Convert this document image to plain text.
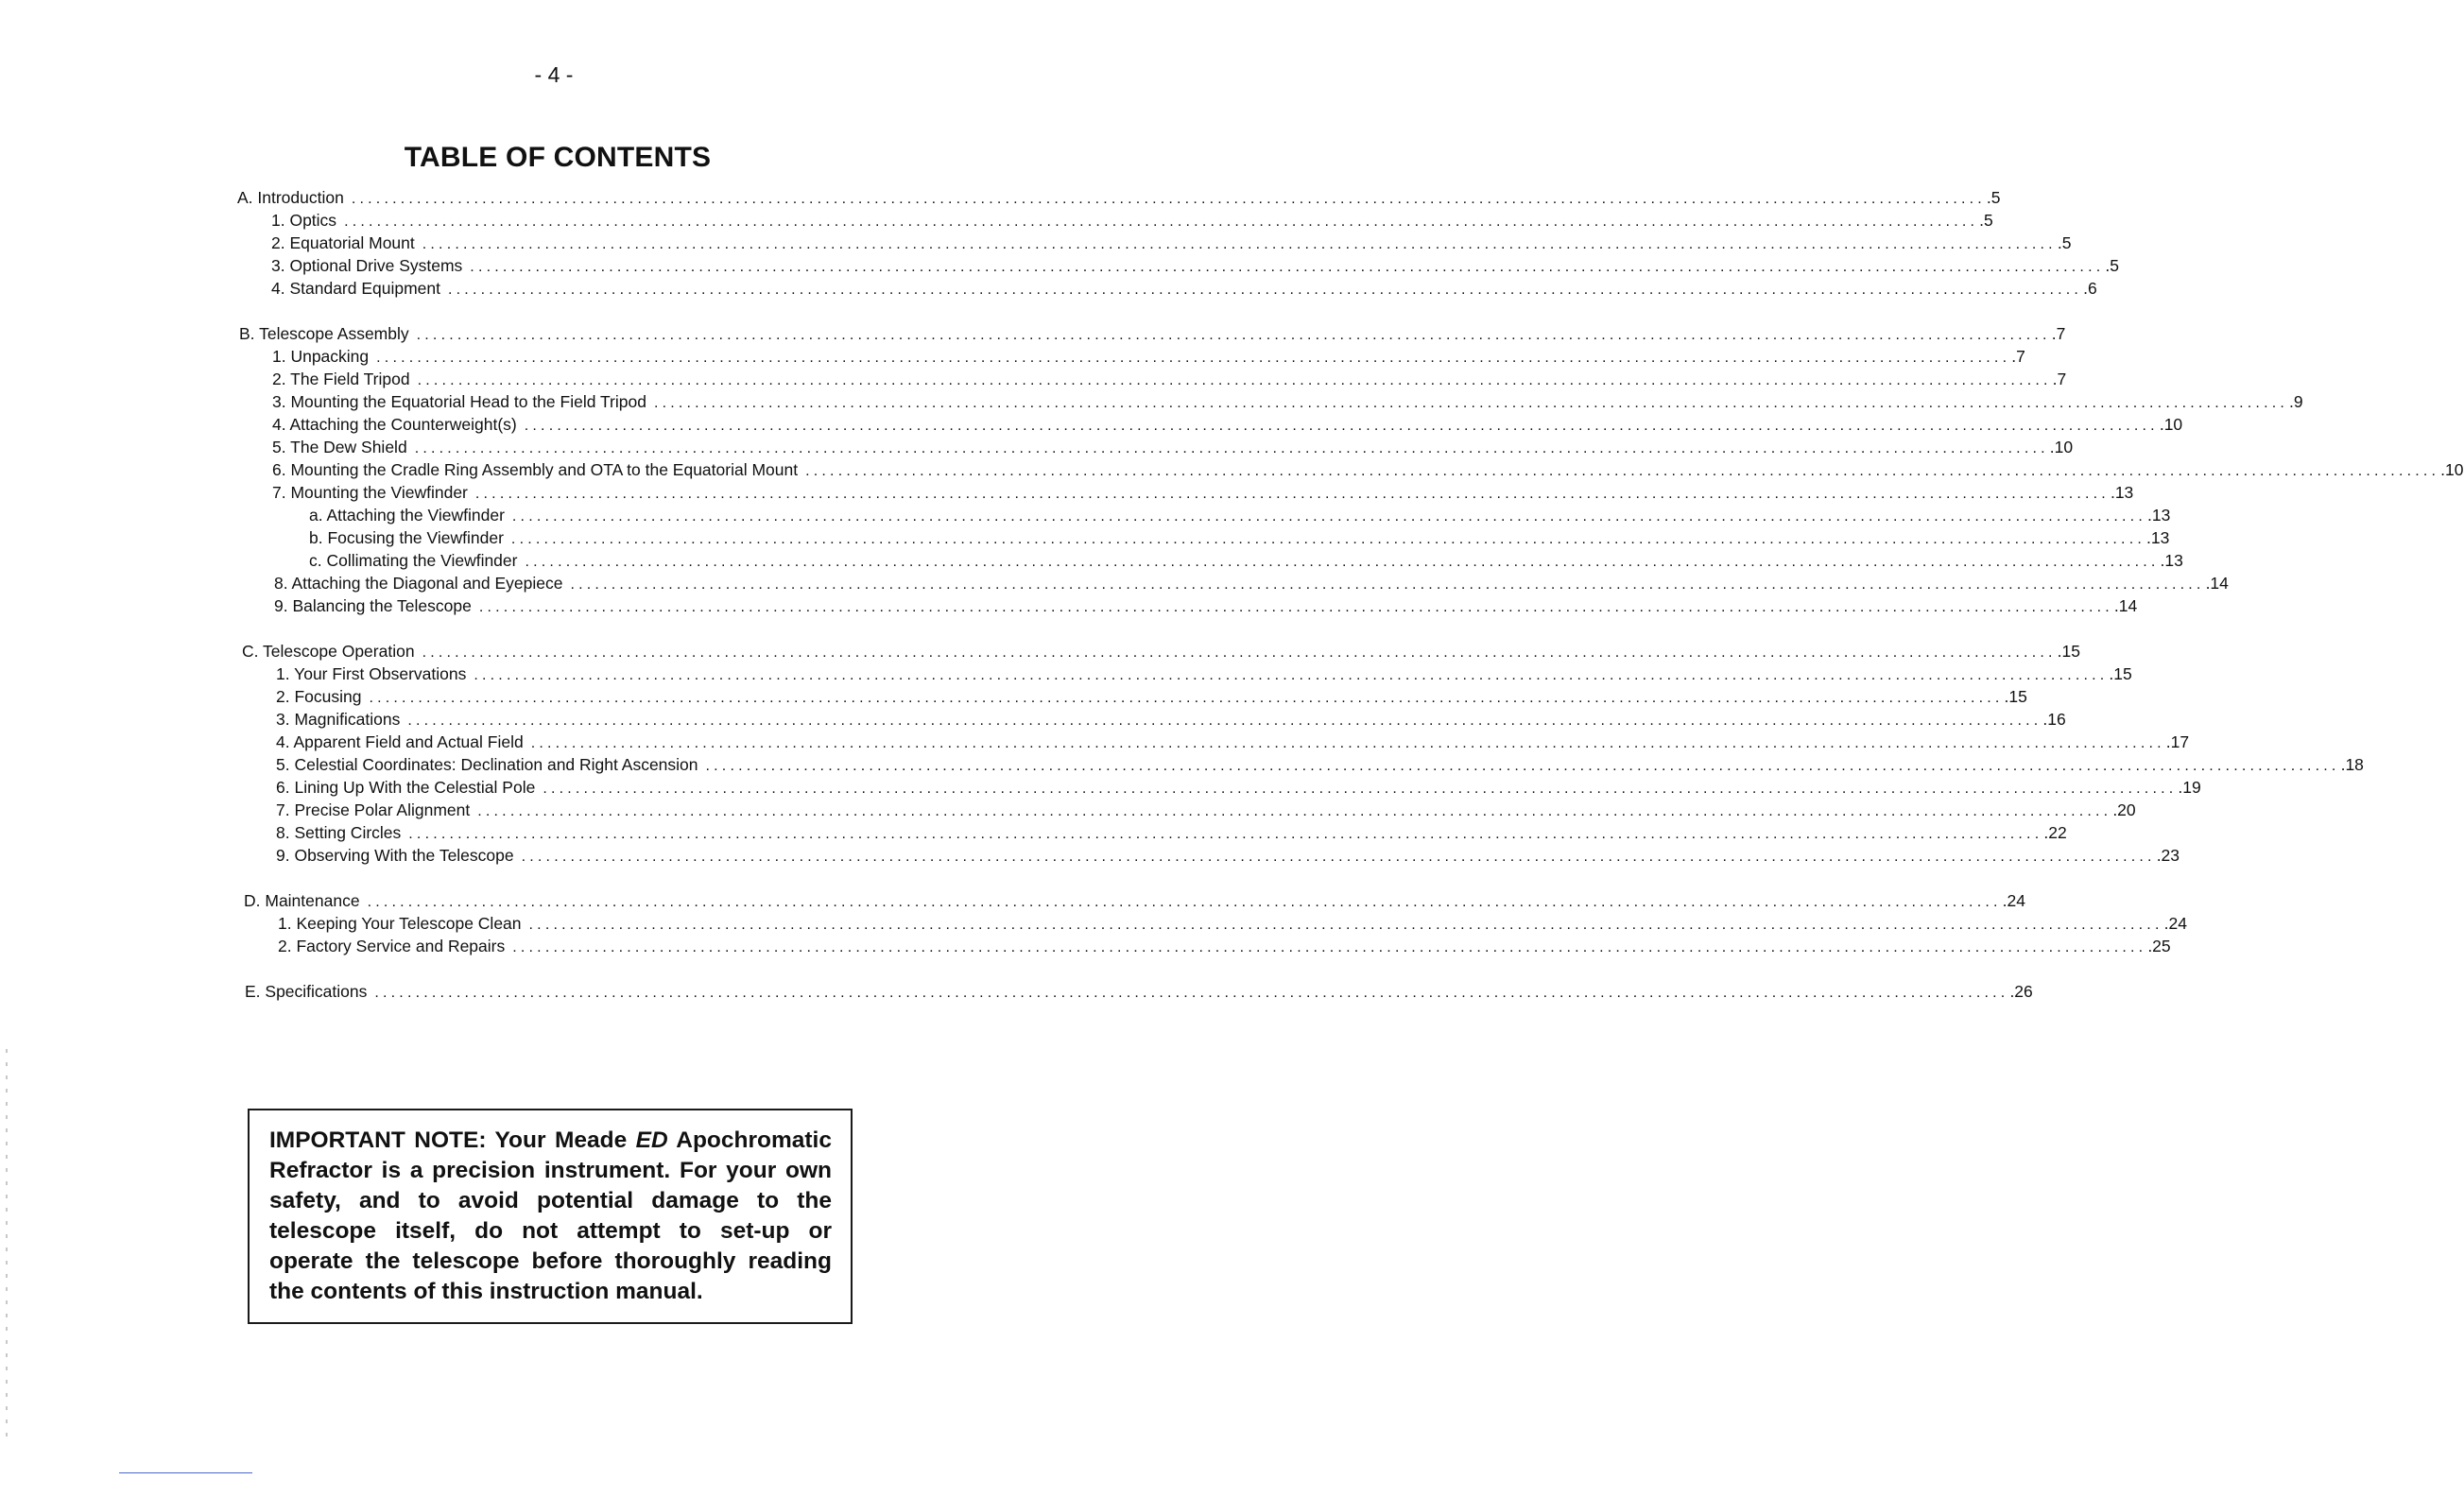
- 4 -
TABLE OF CONTENTS
A. Introduction ........................................................................................................................................................................................................ .5
1. Optics ........................................................................................................................................................................................................ .5
2. Equatorial Mount ........................................................................................................................................................................................................ .5
3. Optional Drive Systems ........................................................................................................................................................................................................ .5
4. Standard Equipment ........................................................................................................................................................................................................ .6
B. Telescope Assembly ........................................................................................................................................................................................................ .7
1. Unpacking ........................................................................................................................................................................................................ .7
2. The Field Tripod ........................................................................................................................................................................................................ .7
3. Mounting the Equatorial Head to the Field Tripod ........................................................................................................................................................................................................ .9
4. Attaching the Counterweight(s) ........................................................................................................................................................................................................ .10
5. The Dew Shield ........................................................................................................................................................................................................ .10
6. Mounting the Cradle Ring Assembly and OTA to the Equatorial Mount ........................................................................................................................................................................................................ .10
7. Mounting the Viewfinder ........................................................................................................................................................................................................ .13
a. Attaching the Viewfinder ........................................................................................................................................................................................................ .13
b. Focusing the Viewfinder ........................................................................................................................................................................................................ .13
c. Collimating the Viewfinder ........................................................................................................................................................................................................ .13
8. Attaching the Diagonal and Eyepiece ........................................................................................................................................................................................................ .14
9. Balancing the Telescope ........................................................................................................................................................................................................ .14
C. Telescope Operation ........................................................................................................................................................................................................ .15
1. Your First Observations ........................................................................................................................................................................................................ .15
2. Focusing ........................................................................................................................................................................................................ .15
3. Magnifications ........................................................................................................................................................................................................ .16
4. Apparent Field and Actual Field ........................................................................................................................................................................................................ .17
5. Celestial Coordinates: Declination and Right Ascension ........................................................................................................................................................................................................ .18
6. Lining Up With the Celestial Pole ........................................................................................................................................................................................................ .19
7. Precise Polar Alignment ........................................................................................................................................................................................................ .20
8. Setting Circles ........................................................................................................................................................................................................ .22
9. Observing With the Telescope ........................................................................................................................................................................................................ .23
D. Maintenance ........................................................................................................................................................................................................ .24
1. Keeping Your Telescope Clean ........................................................................................................................................................................................................ .24
2. Factory Service and Repairs ........................................................................................................................................................................................................ .25
E. Specifications ........................................................................................................................................................................................................ .26

IMPORTANT NOTE: Your Meade ED Apochromatic Refractor is a precision instrument. For your own safety, and to avoid potential damage to the telescope itself, do not attempt to set-up or operate the telescope before thoroughly reading the contents of this instruction manual.
